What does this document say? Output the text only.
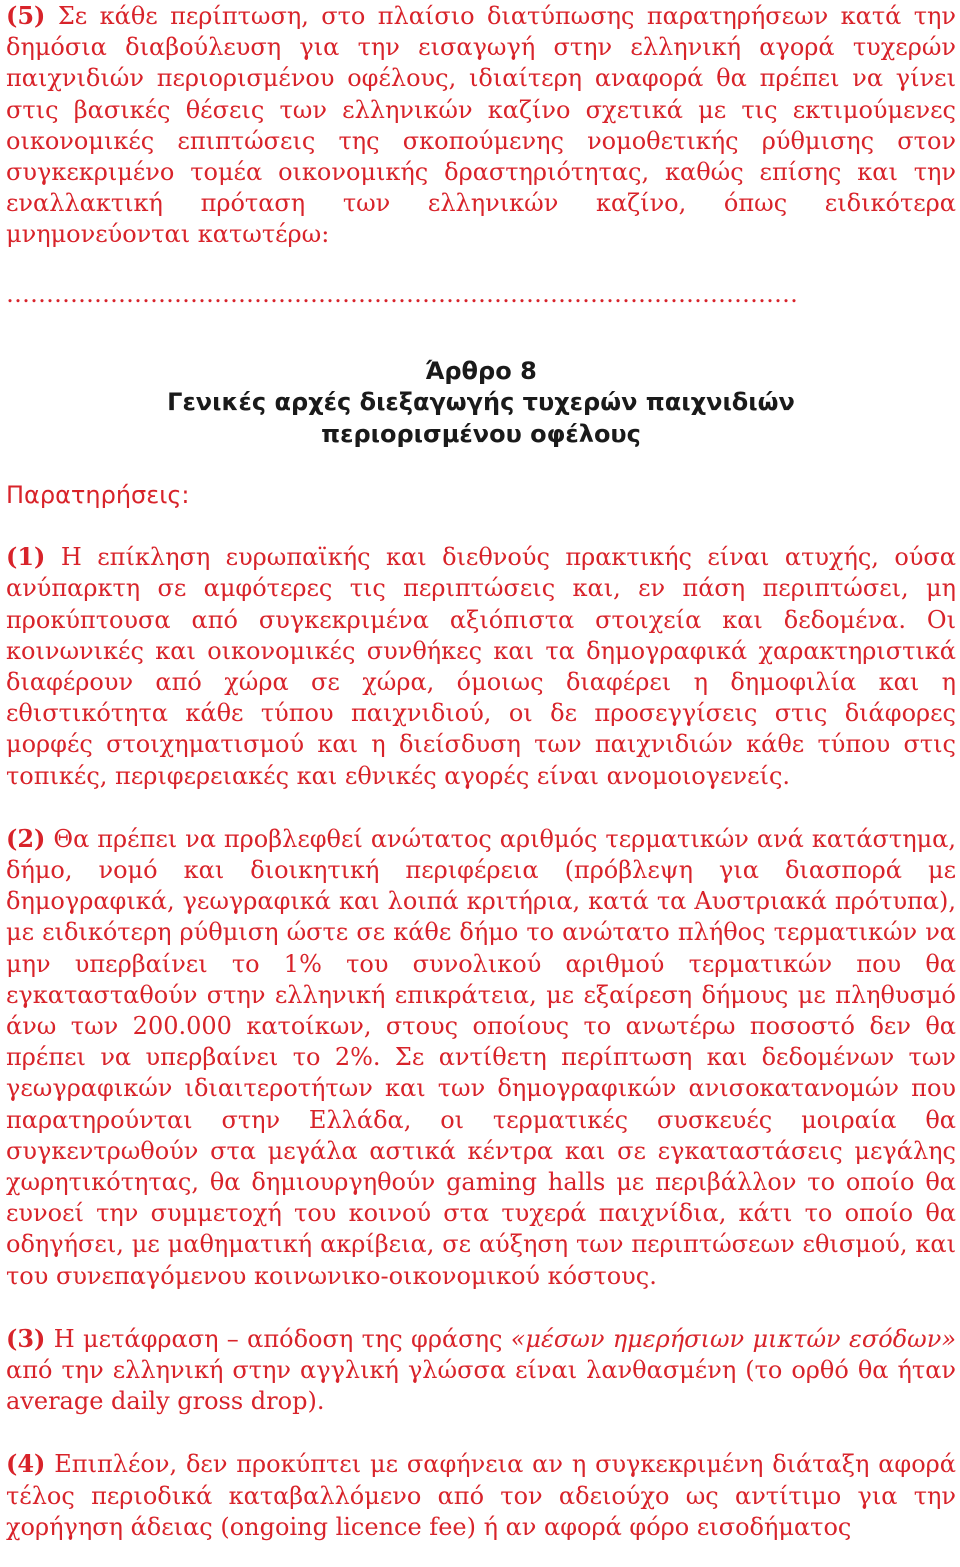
(5) Σε κάθε περίπτωση, στο πλαίσιο διατύπωσης παρατηρήσεων κατά την δημόσια διαβούλευση για την εισαγωγή στην ελληνική αγορά τυχερών παιχνιδιών περιορισμένου οφέλους, ιδιαίτερη αναφορά θα πρέπει να γίνει στις βασικές θέσεις των ελληνικών καζίνο σχετικά με τις εκτιμούμενες οικονομικές επιπτώσεις της σκοπούμενης νομοθετικής ρύθμισης στον συγκεκριμένο τομέα οικονομικής δραστηριότητας, καθώς επίσης και την εναλλακτική πρόταση των ελληνικών καζίνο, όπως ειδικότερα μνημονεύονται κατωτέρω:

………………………………………………………………………………………
Άρθρο 8
Γενικές αρχές διεξαγωγής τυχερών παιχνιδιών
περιορισμένου οφέλους
Παρατηρήσεις:

(1) Η επίκληση ευρωπαϊκής και διεθνούς πρακτικής είναι ατυχής, ούσα ανύπαρκτη σε αμφότερες τις περιπτώσεις και, εν πάση περιπτώσει, μη προκύπτουσα από συγκεκριμένα αξιόπιστα στοιχεία και δεδομένα. Οι κοινωνικές και οικονομικές συνθήκες και τα δημογραφικά χαρακτηριστικά διαφέρουν από χώρα σε χώρα, όμοιως διαφέρει η δημοφιλία και η εθιστικότητα κάθε τύπου παιχνιδιού, οι δε προσεγγίσεις στις διάφορες μορφές στοιχηματισμού και η διείσδυση των παιχνιδιών κάθε τύπου στις τοπικές, περιφερειακές και εθνικές αγορές είναι ανομοιογενείς.

(2) Θα πρέπει να προβλεφθεί ανώτατος αριθμός τερματικών ανά κατάστημα, δήμο, νομό και διοικητική περιφέρεια (πρόβλεψη για διασπορά με δημογραφικά, γεωγραφικά και λοιπά κριτήρια, κατά τα Αυστριακά πρότυπα), με ειδικότερη ρύθμιση ώστε σε κάθε δήμο το ανώτατο πλήθος τερματικών να μην υπερβαίνει το 1% του συνολικού αριθμού τερματικών που θα εγκατασταθούν στην ελληνική επικράτεια, με εξαίρεση δήμους με πληθυσμό άνω των 200.000 κατοίκων, στους οποίους το ανωτέρω ποσοστό δεν θα πρέπει να υπερβαίνει το 2%. Σε αντίθετη περίπτωση και δεδομένων των γεωγραφικών ιδιαιτεροτήτων και των δημογραφικών ανισοκατανομών που παρατηρούνται στην Ελλάδα, οι τερματικές συσκευές μοιραία θα συγκεντρωθούν στα μεγάλα αστικά κέντρα και σε εγκαταστάσεις μεγάλης χωρητικότητας, θα δημιουργηθούν gaming halls με περιβάλλον το οποίο θα ευνοεί την συμμετοχή του κοινού στα τυχερά παιχνίδια, κάτι το οποίο θα οδηγήσει, με μαθηματική ακρίβεια, σε αύξηση των περιπτώσεων εθισμού, και του συνεπαγόμενου κοινωνικο-οικονομικού κόστους.

(3) Η μετάφραση – απόδοση της φράσης «μέσων ημερήσιων μικτών εσόδων» από την ελληνική στην αγγλική γλώσσα είναι λανθασμένη (το ορθό θα ήταν average daily gross drop).

(4) Επιπλέον, δεν προκύπτει με σαφήνεια αν η συγκεκριμένη διάταξη αφορά τέλος περιοδικά καταβαλλόμενο από τον αδειούχο ως αντίτιμο για την χορήγηση άδειας (ongoing licence fee) ή αν αφορά φόρο εισοδήματος
